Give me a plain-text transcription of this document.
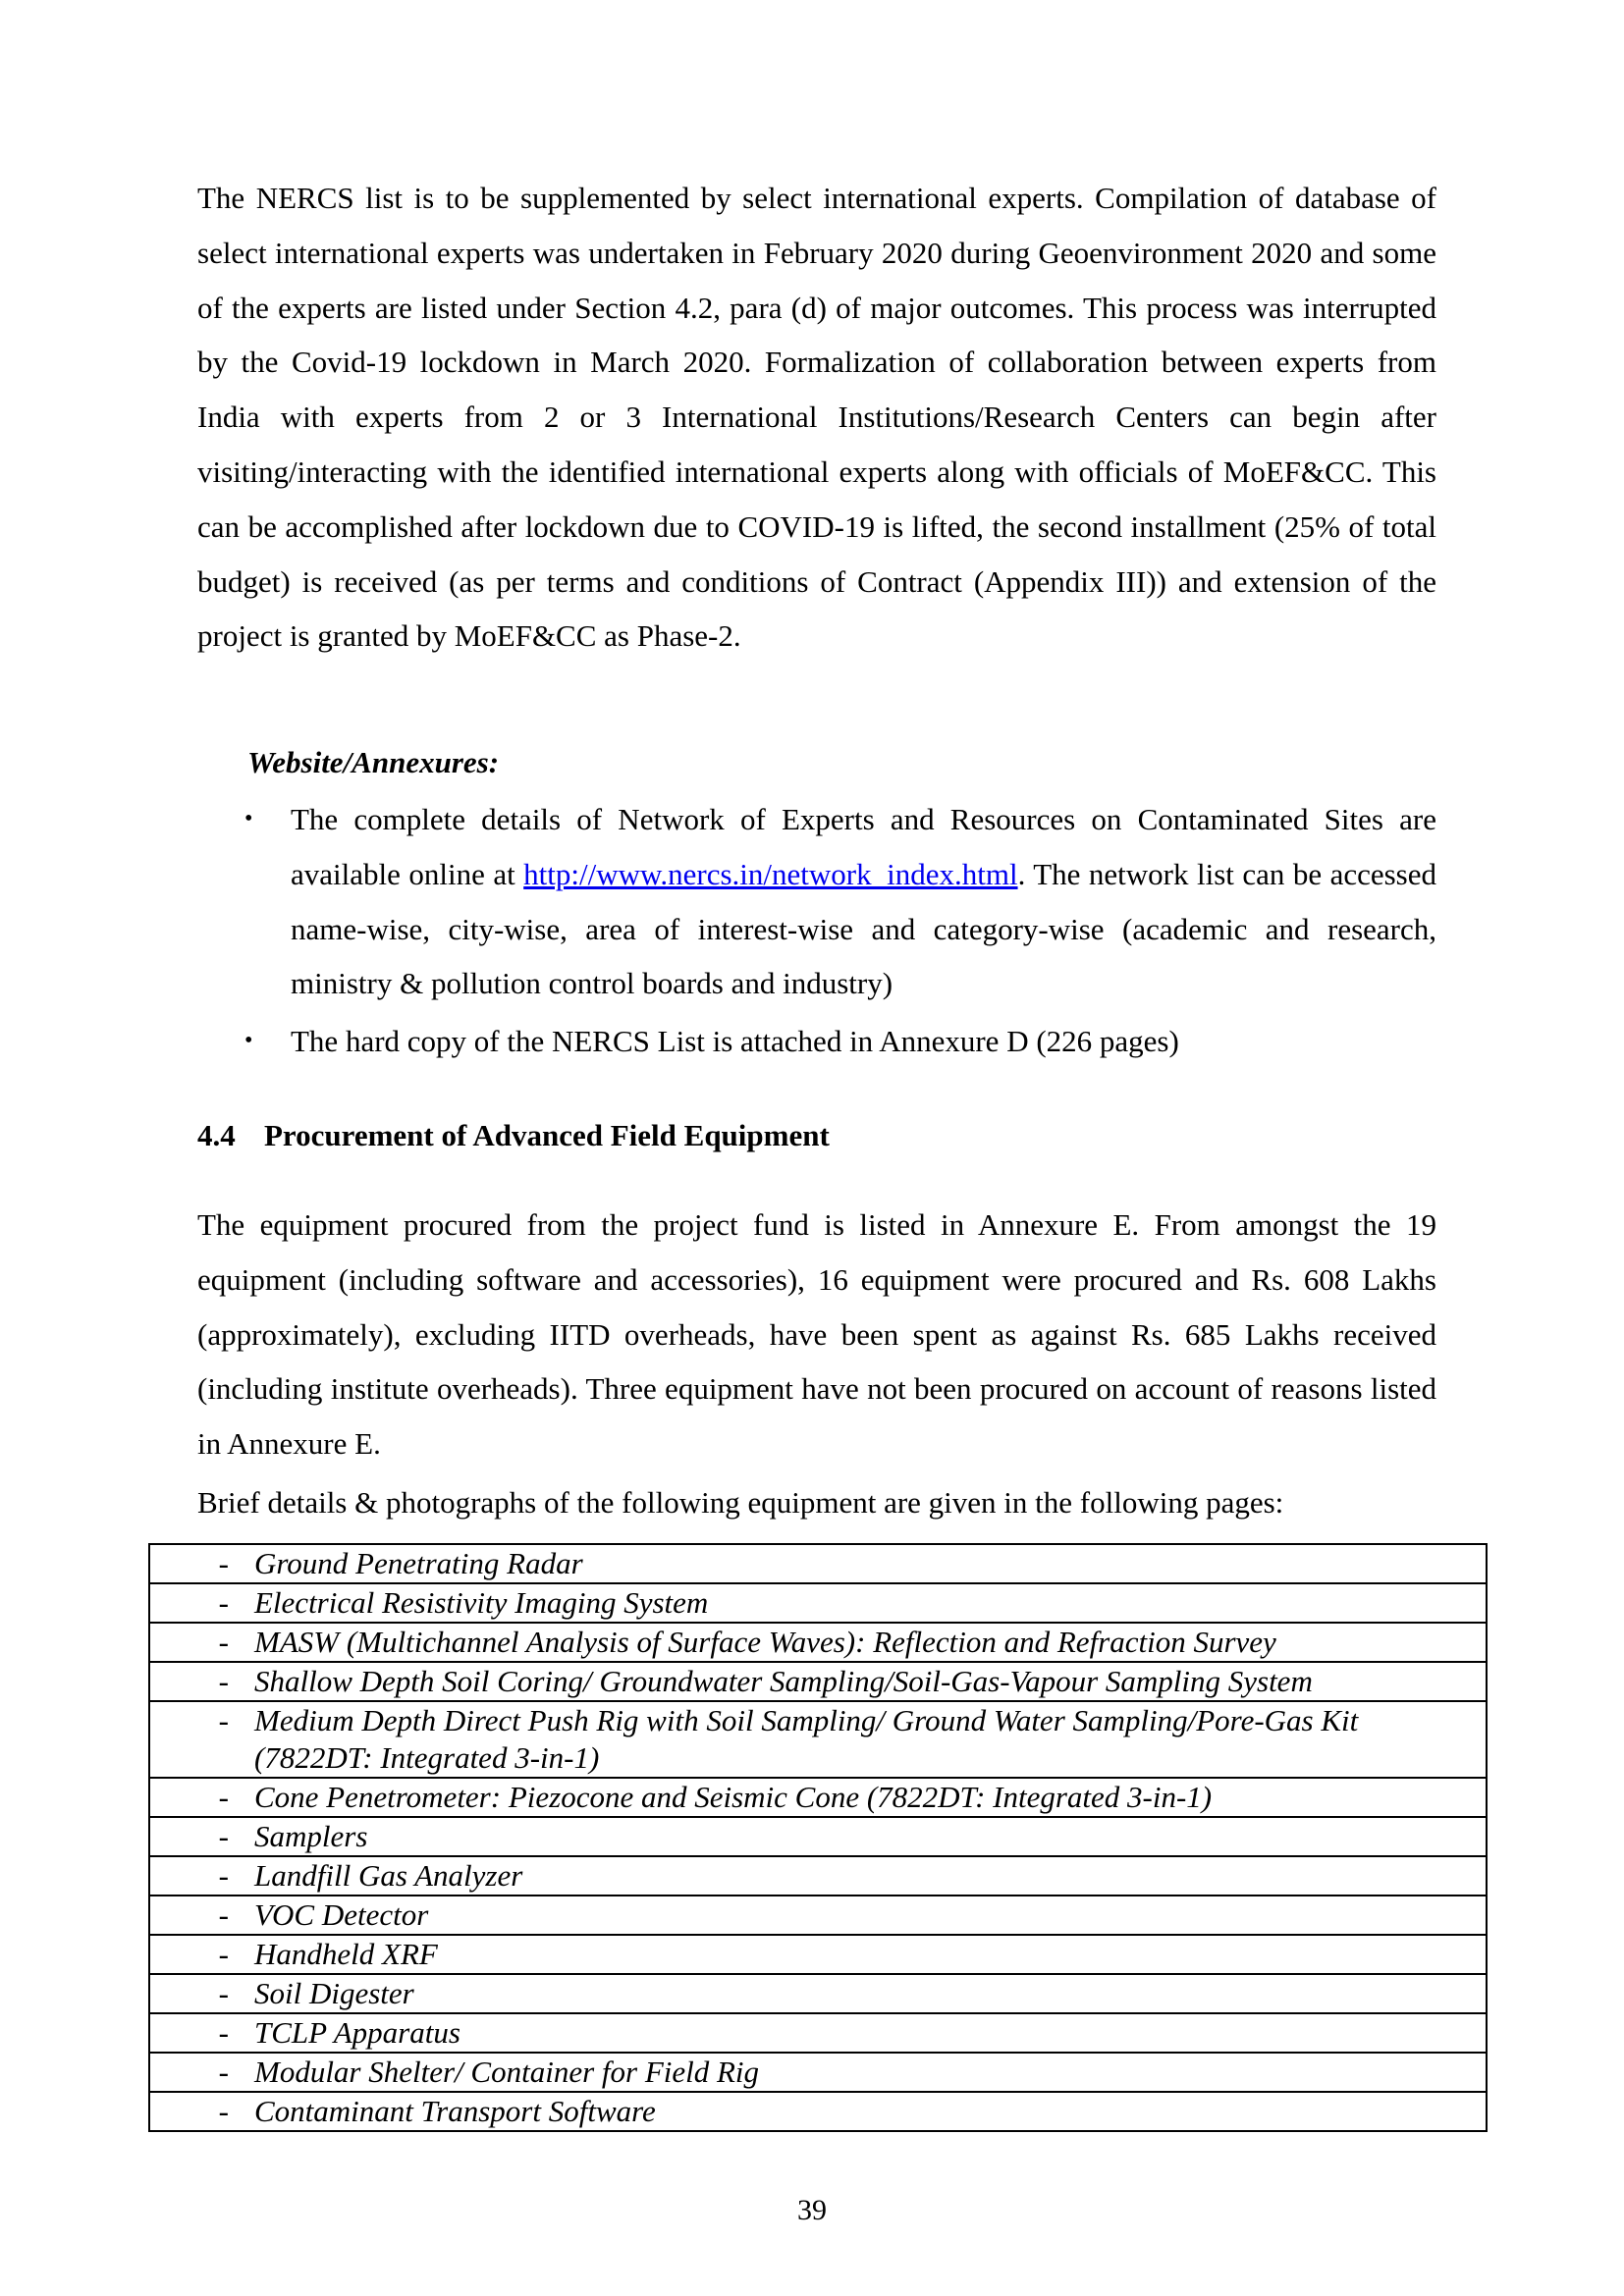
The NERCS list is to be supplemented by select international experts. Compilation of database of select international experts was undertaken in February 2020 during Geoenvironment 2020 and some of the experts are listed under Section 4.2, para (d) of major outcomes. This process was interrupted by the Covid-19 lockdown in March 2020. Formalization of collaboration between experts from India with experts from 2 or 3 International Institutions/Research Centers can begin after visiting/interacting with the identified international experts along with officials of MoEF&CC. This can be accomplished after lockdown due to COVID-19 is lifted, the second installment (25% of total budget) is received (as per terms and conditions of Contract (Appendix III)) and extension of the project is granted by MoEF&CC as Phase-2.

Website/Annexures:

• The complete details of Network of Experts and Resources on Contaminated Sites are available online at http://www.nercs.in/network_index.html. The network list can be accessed name-wise, city-wise, area of interest-wise and category-wise (academic and research, ministry & pollution control boards and industry)
• The hard copy of the NERCS List is attached in Annexure D (226 pages)
4.4 Procurement of Advanced Field Equipment

The equipment procured from the project fund is listed in Annexure E. From amongst the 19 equipment (including software and accessories), 16 equipment were procured and Rs. 608 Lakhs (approximately), excluding IITD overheads, have been spent as against Rs. 685 Lakhs received (including institute overheads). Three equipment have not been procured on account of reasons listed in Annexure E.

Brief details & photographs of the following equipment are given in the following pages:

-	Ground Penetrating Radar
-	Electrical Resistivity Imaging System
-	MASW (Multichannel Analysis of Surface Waves): Reflection and Refraction Survey
-	Shallow Depth Soil Coring/ Groundwater Sampling/Soil-Gas-Vapour Sampling System
-	Medium Depth Direct Push Rig with Soil Sampling/ Ground Water Sampling/Pore-Gas Kit (7822DT: Integrated 3-in-1)
-	Cone Penetrometer: Piezocone and Seismic Cone (7822DT: Integrated 3-in-1)
-	Samplers
-	Landfill Gas Analyzer
-	VOC Detector
-	Handheld XRF
-	Soil Digester
-	TCLP Apparatus
-	Modular Shelter/ Container for Field Rig
-	Contaminant Transport Software

39
